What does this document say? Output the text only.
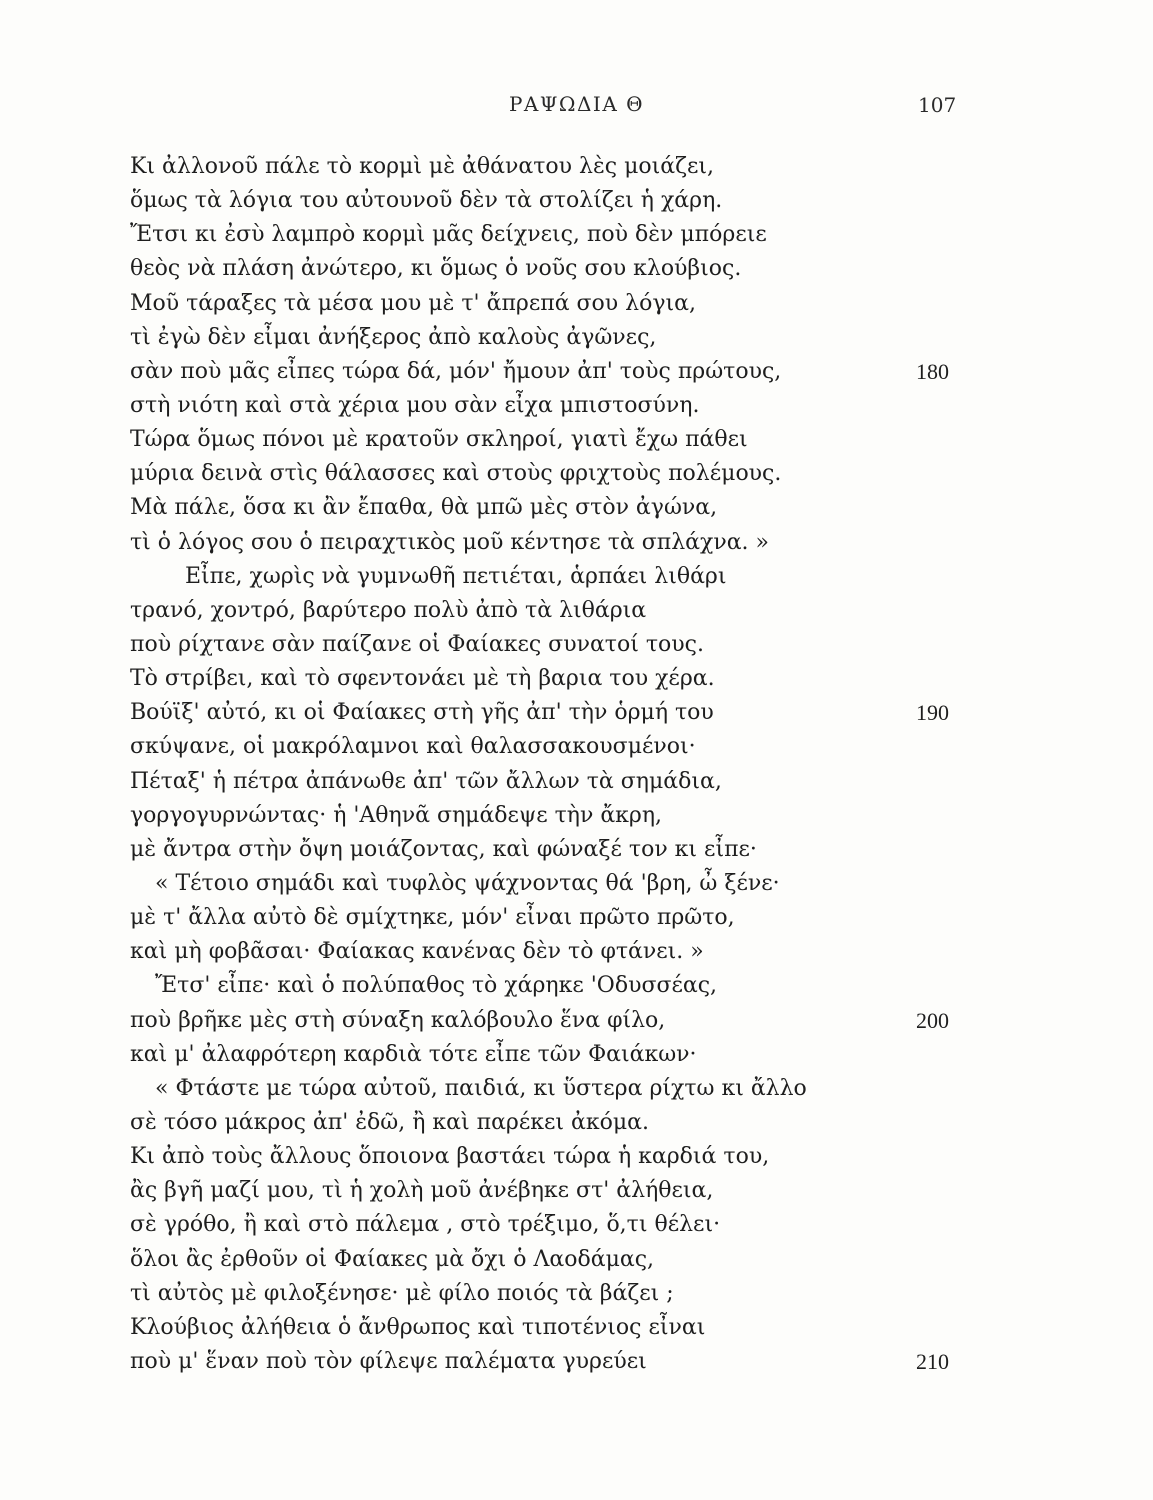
ΡΑΨΩΔΙΑ Θ	107
Κι ἀλλονοῦ πάλε τὸ κορμὶ μὲ ἀθάνατου λὲς μοιάζει,
ὅμως τὰ λόγια του αὐτουνοῦ δὲν τὰ στολίζει ἡ χάρη.
Ἔτσι κι ἐσὺ λαμπρὸ κορμὶ μᾶς δείχνεις, ποὺ δὲν μπόρειε
θεὸς νὰ πλάση ἀνώτερο, κι ὅμως ὁ νοῦς σου κλούβιος.
Μοῦ τάραξες τὰ μέσα μου μὲ τ' ἄπρεπά σου λόγια,
τὶ ἐγὼ δὲν εἶμαι ἀνήξερος ἀπὸ καλοὺς ἀγῶνες,
σὰν ποὺ μᾶς εἶπες τώρα δά, μόν' ἤμουν ἀπ' τοὺς πρώτους,	180
στὴ νιότη καὶ στὰ χέρια μου σὰν εἶχα μπιστοσύνη.
Τώρα ὅμως πόνοι μὲ κρατοῦν σκληροί, γιατὶ ἔχω πάθει
μύρια δεινὰ στὶς θάλασσες καὶ στοὺς φριχτοὺς πολέμους.
Μὰ πάλε, ὅσα κι ἂν ἔπαθα, θὰ μπῶ μὲς στὸν ἀγώνα,
τὶ ὁ λόγος σου ὁ πειραχτικὸς μοῦ κέντησε τὰ σπλάχνα. »
Εἶπε, χωρὶς νὰ γυμνωθῆ πετιέται, ἁρπάει λιθάρι
τρανό, χοντρό, βαρύτερο πολὺ ἀπὸ τὰ λιθάρια
ποὺ ρίχτανε σὰν παίζανε οἱ Φαίακες συνατοί τους.
Τὸ στρίβει, καὶ τὸ σφεντονάει μὲ τὴ βαρια του χέρα.
Βούϊξ' αὐτό, κι οἱ Φαίακες στὴ γῆς ἀπ' τὴν ὁρμή του	190
σκύψανε, οἱ μακρόλαμνοι καὶ θαλασσακουσμένοι·
Πέταξ' ἡ πέτρα ἀπάνωθε ἀπ' τῶν ἄλλων τὰ σημάδια,
γοργογυρνώντας· ἡ 'Αθηνᾶ σημάδεψε τὴν ἄκρη,
μὲ ἄντρα στὴν ὄψη μοιάζοντας, καὶ φώναξέ τον κι εἶπε·
« Τέτοιο σημάδι καὶ τυφλὸς ψάχνοντας θά 'βρη, ὦ ξένε·
μὲ τ' ἄλλα αὐτὸ δὲ σμίχτηκε, μόν' εἶναι πρῶτο πρῶτο,
καὶ μὴ φοβᾶσαι· Φαίακας κανένας δὲν τὸ φτάνει. »
Ἔτσ' εἶπε· καὶ ὁ πολύπαθος τὸ χάρηκε 'Οδυσσέας,
ποὺ βρῆκε μὲς στὴ σύναξη καλόβουλο ἕνα φίλο,	200
καὶ μ' ἀλαφρότερη καρδιὰ τότε εἶπε τῶν Φαιάκων·
« Φτάστε με τώρα αὐτοῦ, παιδιά, κι ὕστερα ρίχτω κι ἄλλο
σὲ τόσο μάκρος ἀπ' ἐδῶ, ἢ καὶ παρέκει ἀκόμα.
Κι ἀπὸ τοὺς ἄλλους ὅποιονα βαστάει τώρα ἡ καρδιά του,
ἂς βγῆ μαζί μου, τὶ ἡ χολὴ μοῦ ἀνέβηκε στ' ἀλήθεια,
σὲ γρόθο, ἢ καὶ στὸ πάλεμα , στὸ τρέξιμο, ὅ,τι θέλει·
ὅλοι ἂς ἐρθοῦν οἱ Φαίακες μὰ ὄχι ὁ Λαοδάμας,
τὶ αὐτὸς μὲ φιλοξένησε· μὲ φίλο ποιός τὰ βάζει ;
Κλούβιος ἀλήθεια ὁ ἄνθρωπος καὶ τιποτένιος εἶναι
ποὺ μ' ἕναν ποὺ τὸν φίλεψε παλέματα γυρεύει	210
